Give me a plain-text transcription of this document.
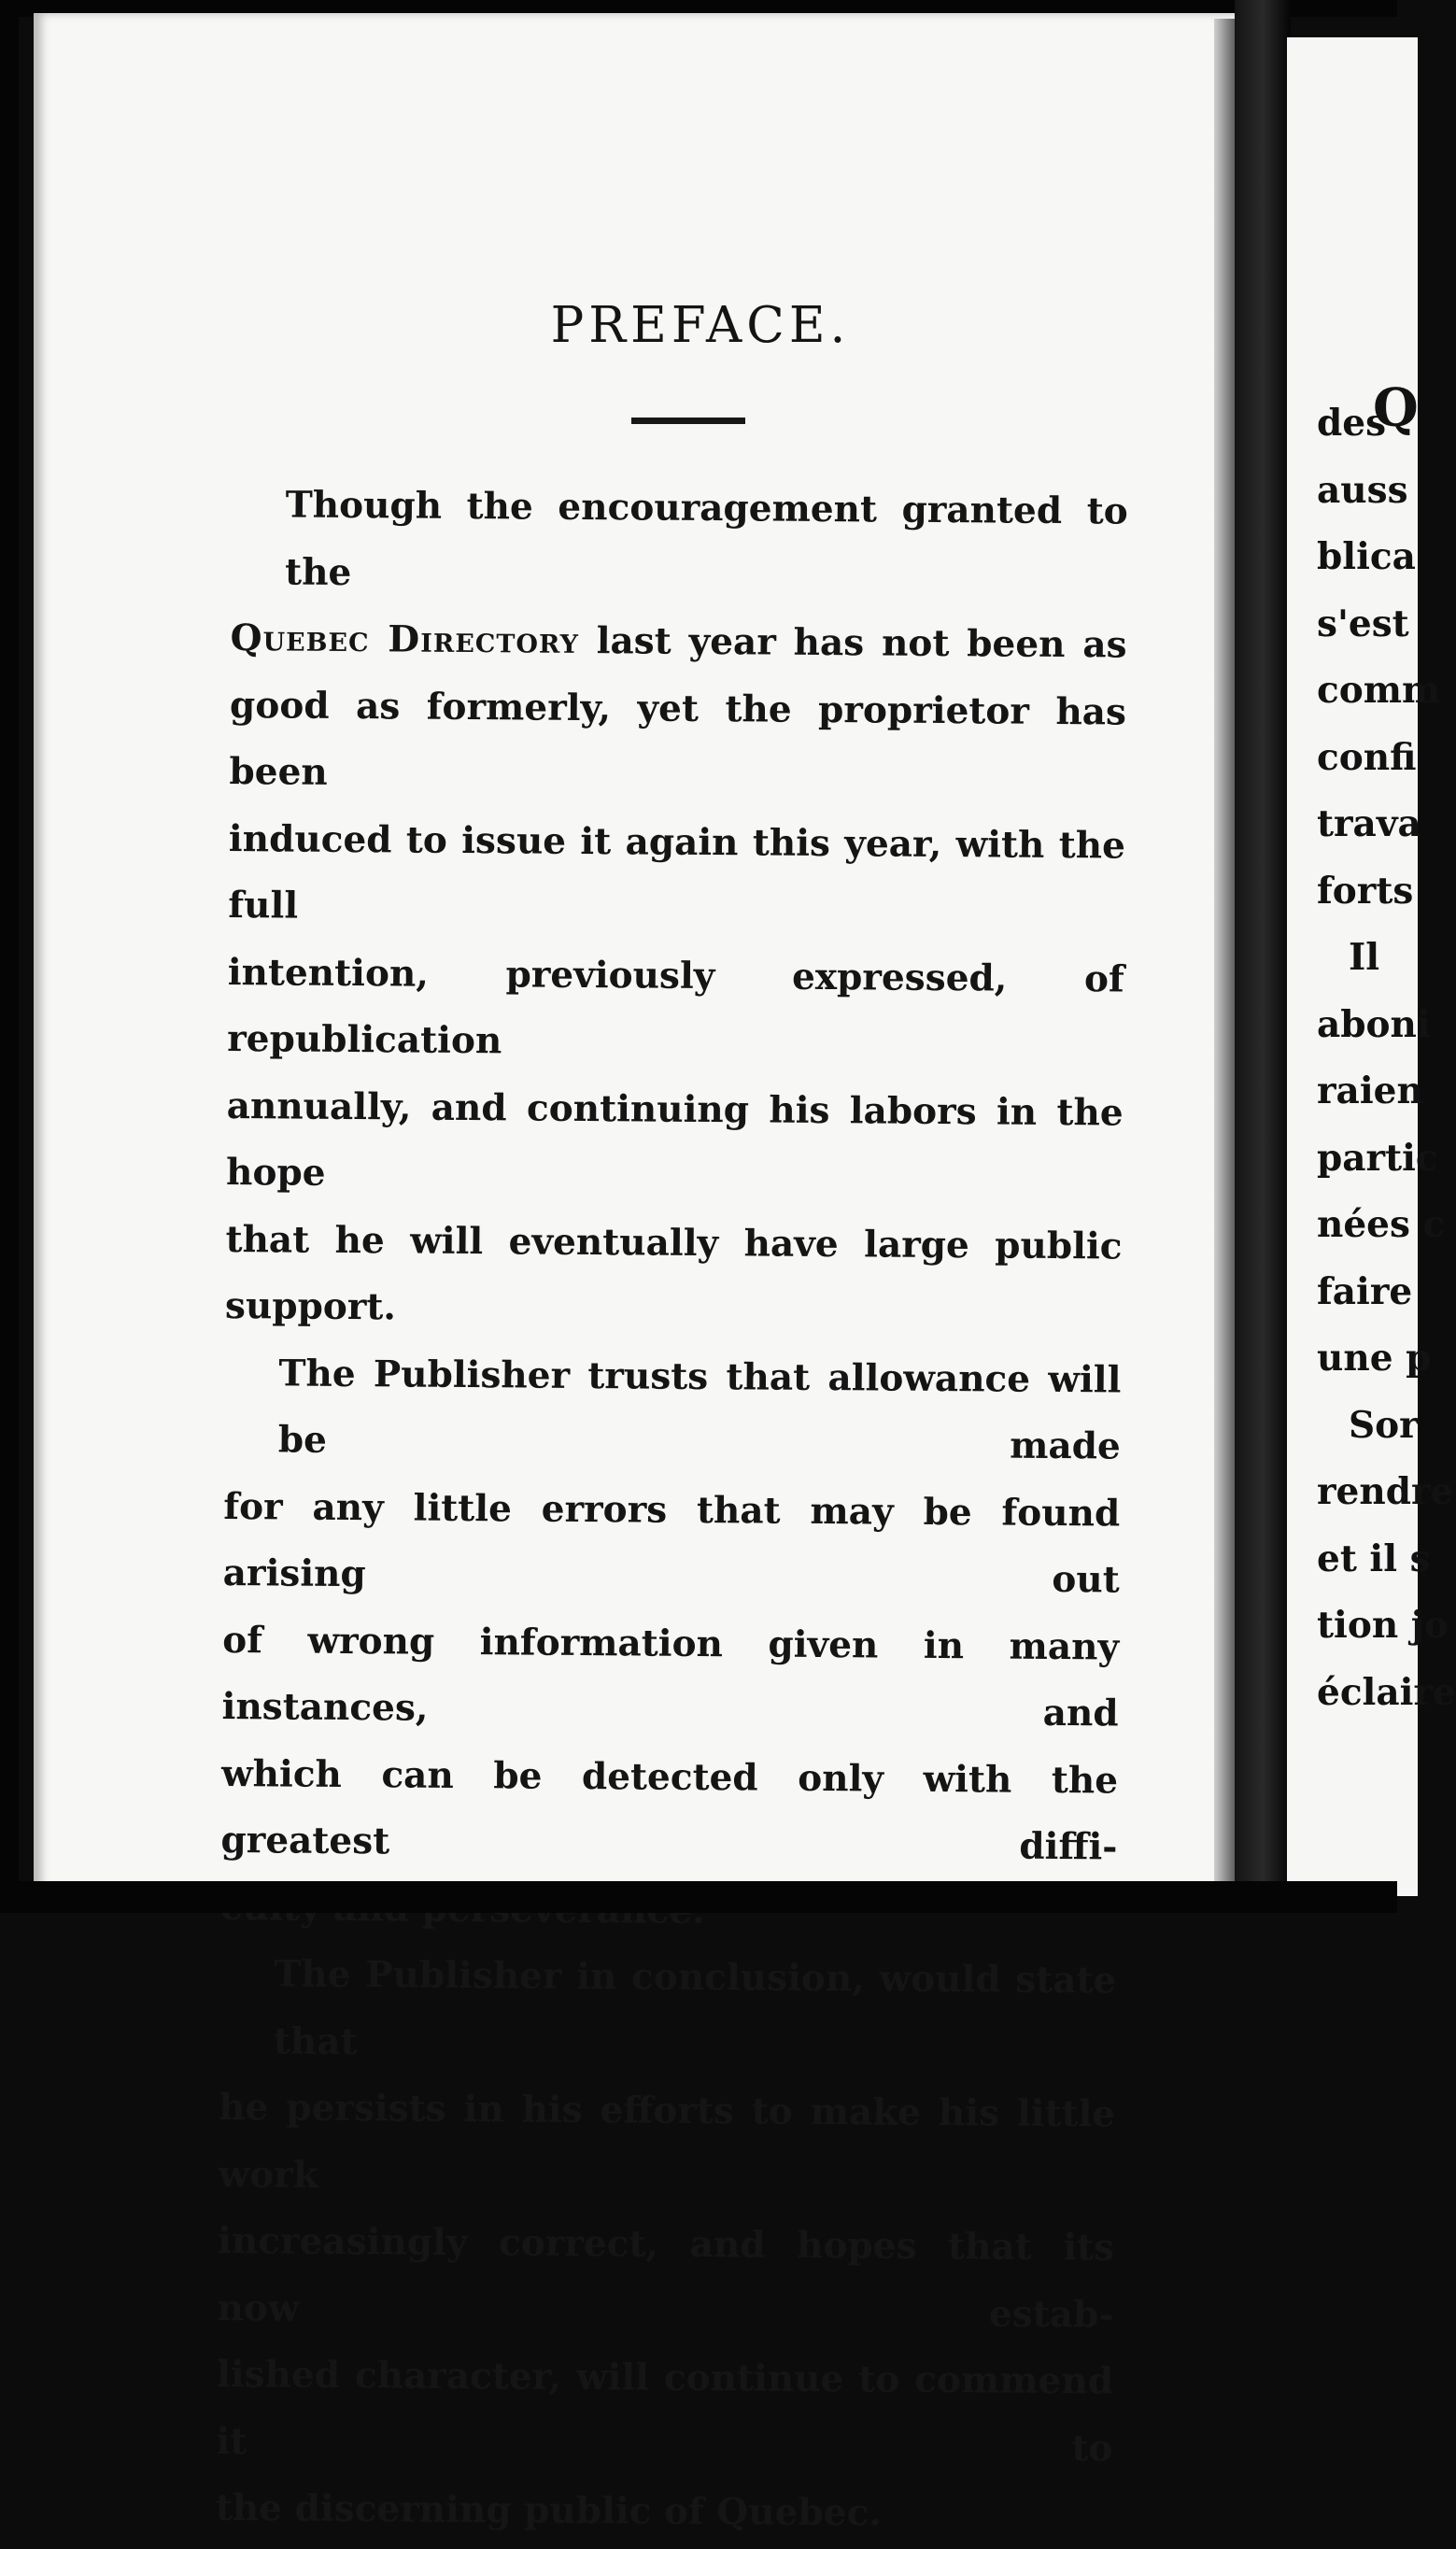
PREFACE.

Though the encouragement granted to the
Quebec Directory last year has not been as
good as formerly, yet the proprietor has been
induced to issue it again this year, with the full
intention, previously expressed, of republication
annually, and continuing his labors in the hope
that he will eventually have large public support.

The Publisher trusts that allowance will be made
for any little errors that may be found arising out
of wrong information given in many instances, and
which can be detected only with the greatest diffi-

The Publisher in conclusion, would state that
he persists in his efforts to make his little work
increasingly correct, and hopes that its now estab-
lished character, will continue to commend it to
the discerning public of Quebec.

Q
des
auss
blica
s'est
comm
confi
trava
forts
Il
aboni
raien
partic
nées c
faire
une p
Sor
rendre
et il s
tion jo
éclaire
